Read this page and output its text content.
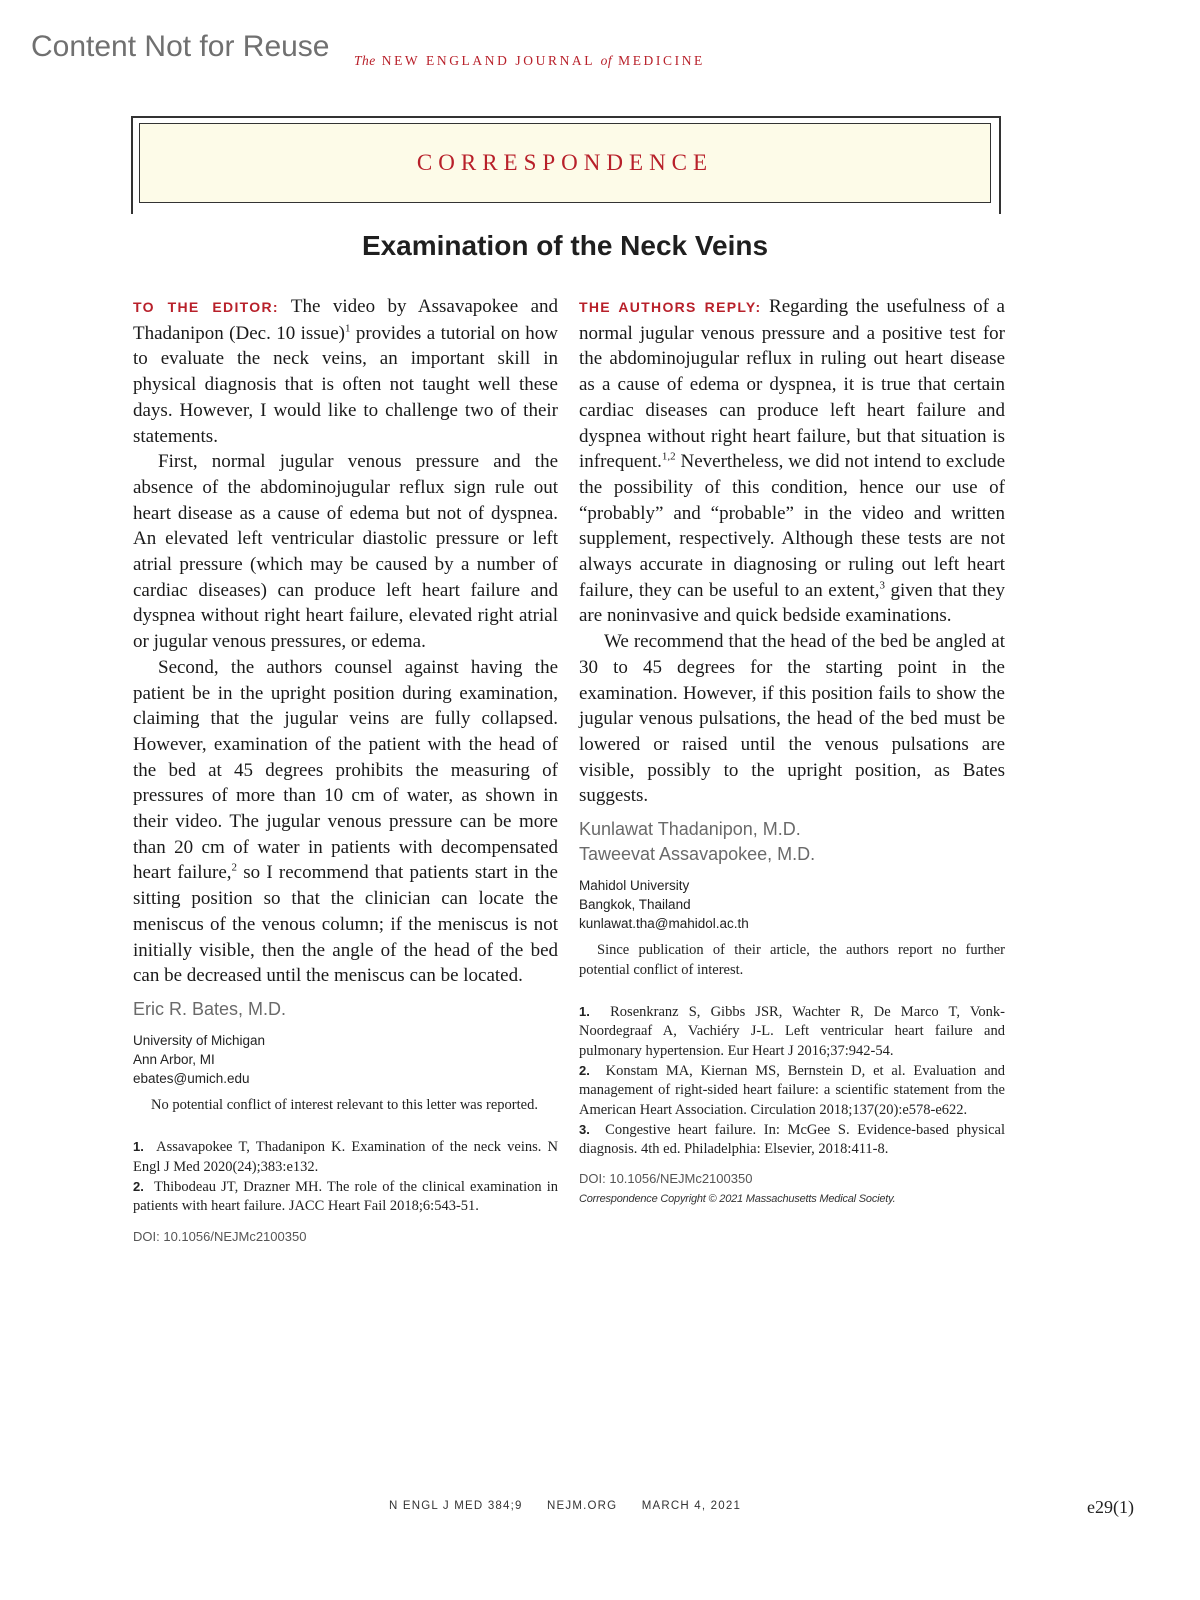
Content Not for Reuse The NEW ENGLAND JOURNAL of MEDICINE
CORRESPONDENCE
Examination of the Neck Veins

TO THE EDITOR: The video by Assavapokee and Thadanipon (Dec. 10 issue)$^1$ provides a tutorial on how to evaluate the neck veins, an important skill in physical diagnosis that is often not taught well these days. However, I would like to challenge two of their statements.

First, normal jugular venous pressure and the absence of the abdominojugular reflux sign rule out heart disease as a cause of edema but not of dyspnea. An elevated left ventricular diastolic pressure or left atrial pressure (which may be caused by a number of cardiac diseases) can produce left heart failure and dyspnea without right heart failure, elevated right atrial or jugular venous pressures, or edema.

Second, the authors counsel against having the patient be in the upright position during examination, claiming that the jugular veins are fully collapsed. However, examination of the patient with the head of the bed at 45 degrees prohibits the measuring of pressures of more than 10 cm of water, as shown in their video. The jugular venous pressure can be more than 20 cm of water in patients with decompensated heart failure,$^2$ so I recommend that patients start in the sitting position so that the clinician can locate the meniscus of the venous column; if the meniscus is not initially visible, then the angle of the head of the bed can be decreased until the meniscus can be located.

Eric R. Bates, M.D.
University of Michigan
Ann Arbor, MI
ebates@umich.edu

No potential conflict of interest relevant to this letter was reported.

1. Assavapokee T, Thadanipon K. Examination of the neck veins. N Engl J Med 2020(24);383:e132.

2. Thibodeau JT, Drazner MH. The role of the clinical examination in patients with heart failure. JACC Heart Fail 2018;6:543-51.

DOI: 10.1056/NEJMc2100350

THE AUTHORS REPLY: Regarding the usefulness of a normal jugular venous pressure and a positive test for the abdominojugular reflux in ruling out heart disease as a cause of edema or dyspnea, it is true that certain cardiac diseases can produce left heart failure and dyspnea without right heart failure, but that situation is infrequent.$^{1,2}$ Nevertheless, we did not intend to exclude the possibility of this condition, hence our use of “probably” and “probable” in the video and written supplement, respectively. Although these tests are not always accurate in diagnosing or ruling out left heart failure, they can be useful to an extent,$^3$ given that they are noninvasive and quick bedside examinations.

We recommend that the head of the bed be angled at 30 to 45 degrees for the starting point in the examination. However, if this position fails to show the jugular venous pulsations, the head of the bed must be lowered or raised until the venous pulsations are visible, possibly to the upright position, as Bates suggests.

Kunlawat Thadanipon, M.D.
Taweevat Assavapokee, M.D.
Mahidol University
Bangkok, Thailand
kunlawat.tha@mahidol.ac.th

Since publication of their article, the authors report no further potential conflict of interest.

1. Rosenkranz S, Gibbs JSR, Wachter R, De Marco T, Vonk-Noordegraaf A, Vachiéry J-L. Left ventricular heart failure and pulmonary hypertension. Eur Heart J 2016;37:942-54.

2. Konstam MA, Kiernan MS, Bernstein D, et al. Evaluation and management of right-sided heart failure: a scientific statement from the American Heart Association. Circulation 2018;137(20):e578-e622.

3. Congestive heart failure. In: McGee S. Evidence-based physical diagnosis. 4th ed. Philadelphia: Elsevier, 2018:411-8.

DOI: 10.1056/NEJMc2100350
Correspondence Copyright © 2021 Massachusetts Medical Society.
N ENGL J MED 384;9 NEJM.ORG MARCH 4, 2021	e29(1)
